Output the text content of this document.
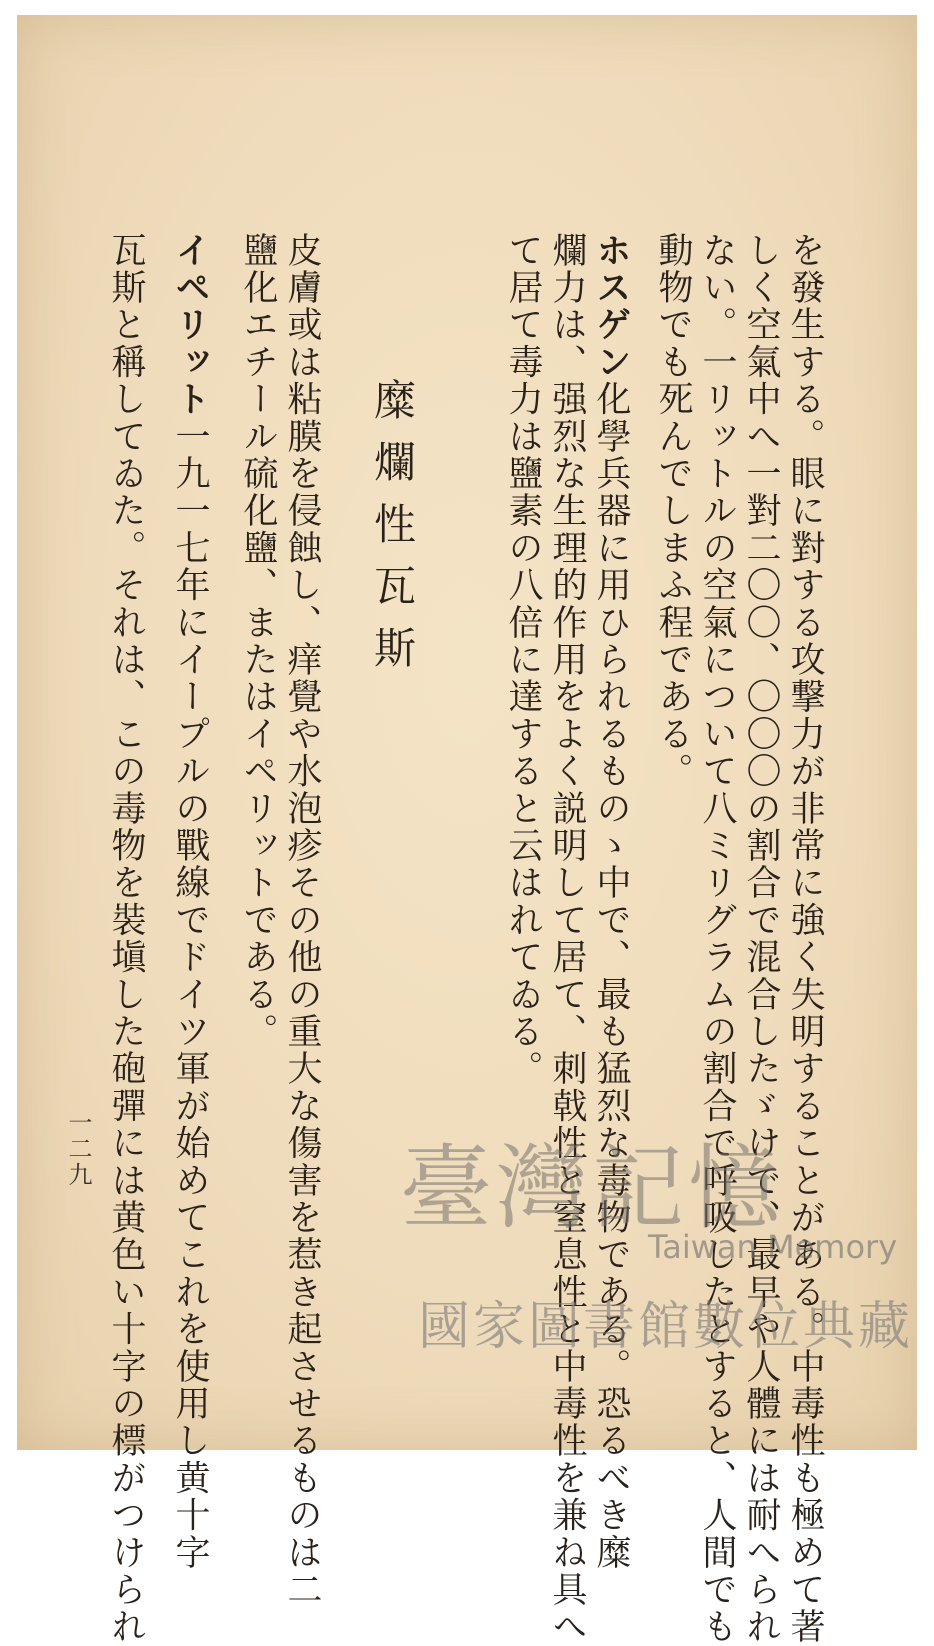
を發生する。眼に對する攻撃力が非常に強く失明することがある。中毒性も極めて著
しく空氣中へ一對二〇〇、〇〇〇の割合で混合したゞけで、最早や人體には耐へられ
ない。一リットルの空氣について八ミリグラムの割合で呼吸したとすると、人間でも
動物でも死んでしまふ程である。
ホスゲン化學兵器に用ひられるものゝ中で、最も猛烈な毒物である。恐るべき糜
爛力は、强烈な生理的作用をよく説明して居て、刺戟性と窒息性と中毒性を兼ね具へ
て居て毒力は鹽素の八倍に達すると云はれてゐる。
糜爛性瓦斯
皮膚或は粘膜を侵蝕し、痒覺や水泡疹その他の重大な傷害を惹き起させるものは二
鹽化エチール硫化鹽、またはイペリットである。
イペリット一九一七年にイープルの戰線でドイツ軍が始めてこれを使用し黄十字
瓦斯と稱してゐた。それは、この毒物を裝塡した砲彈には黄色い十字の標がつけられ
一二九	臺灣記憶
Taiwan Memory
國家圖書館數位典藏
